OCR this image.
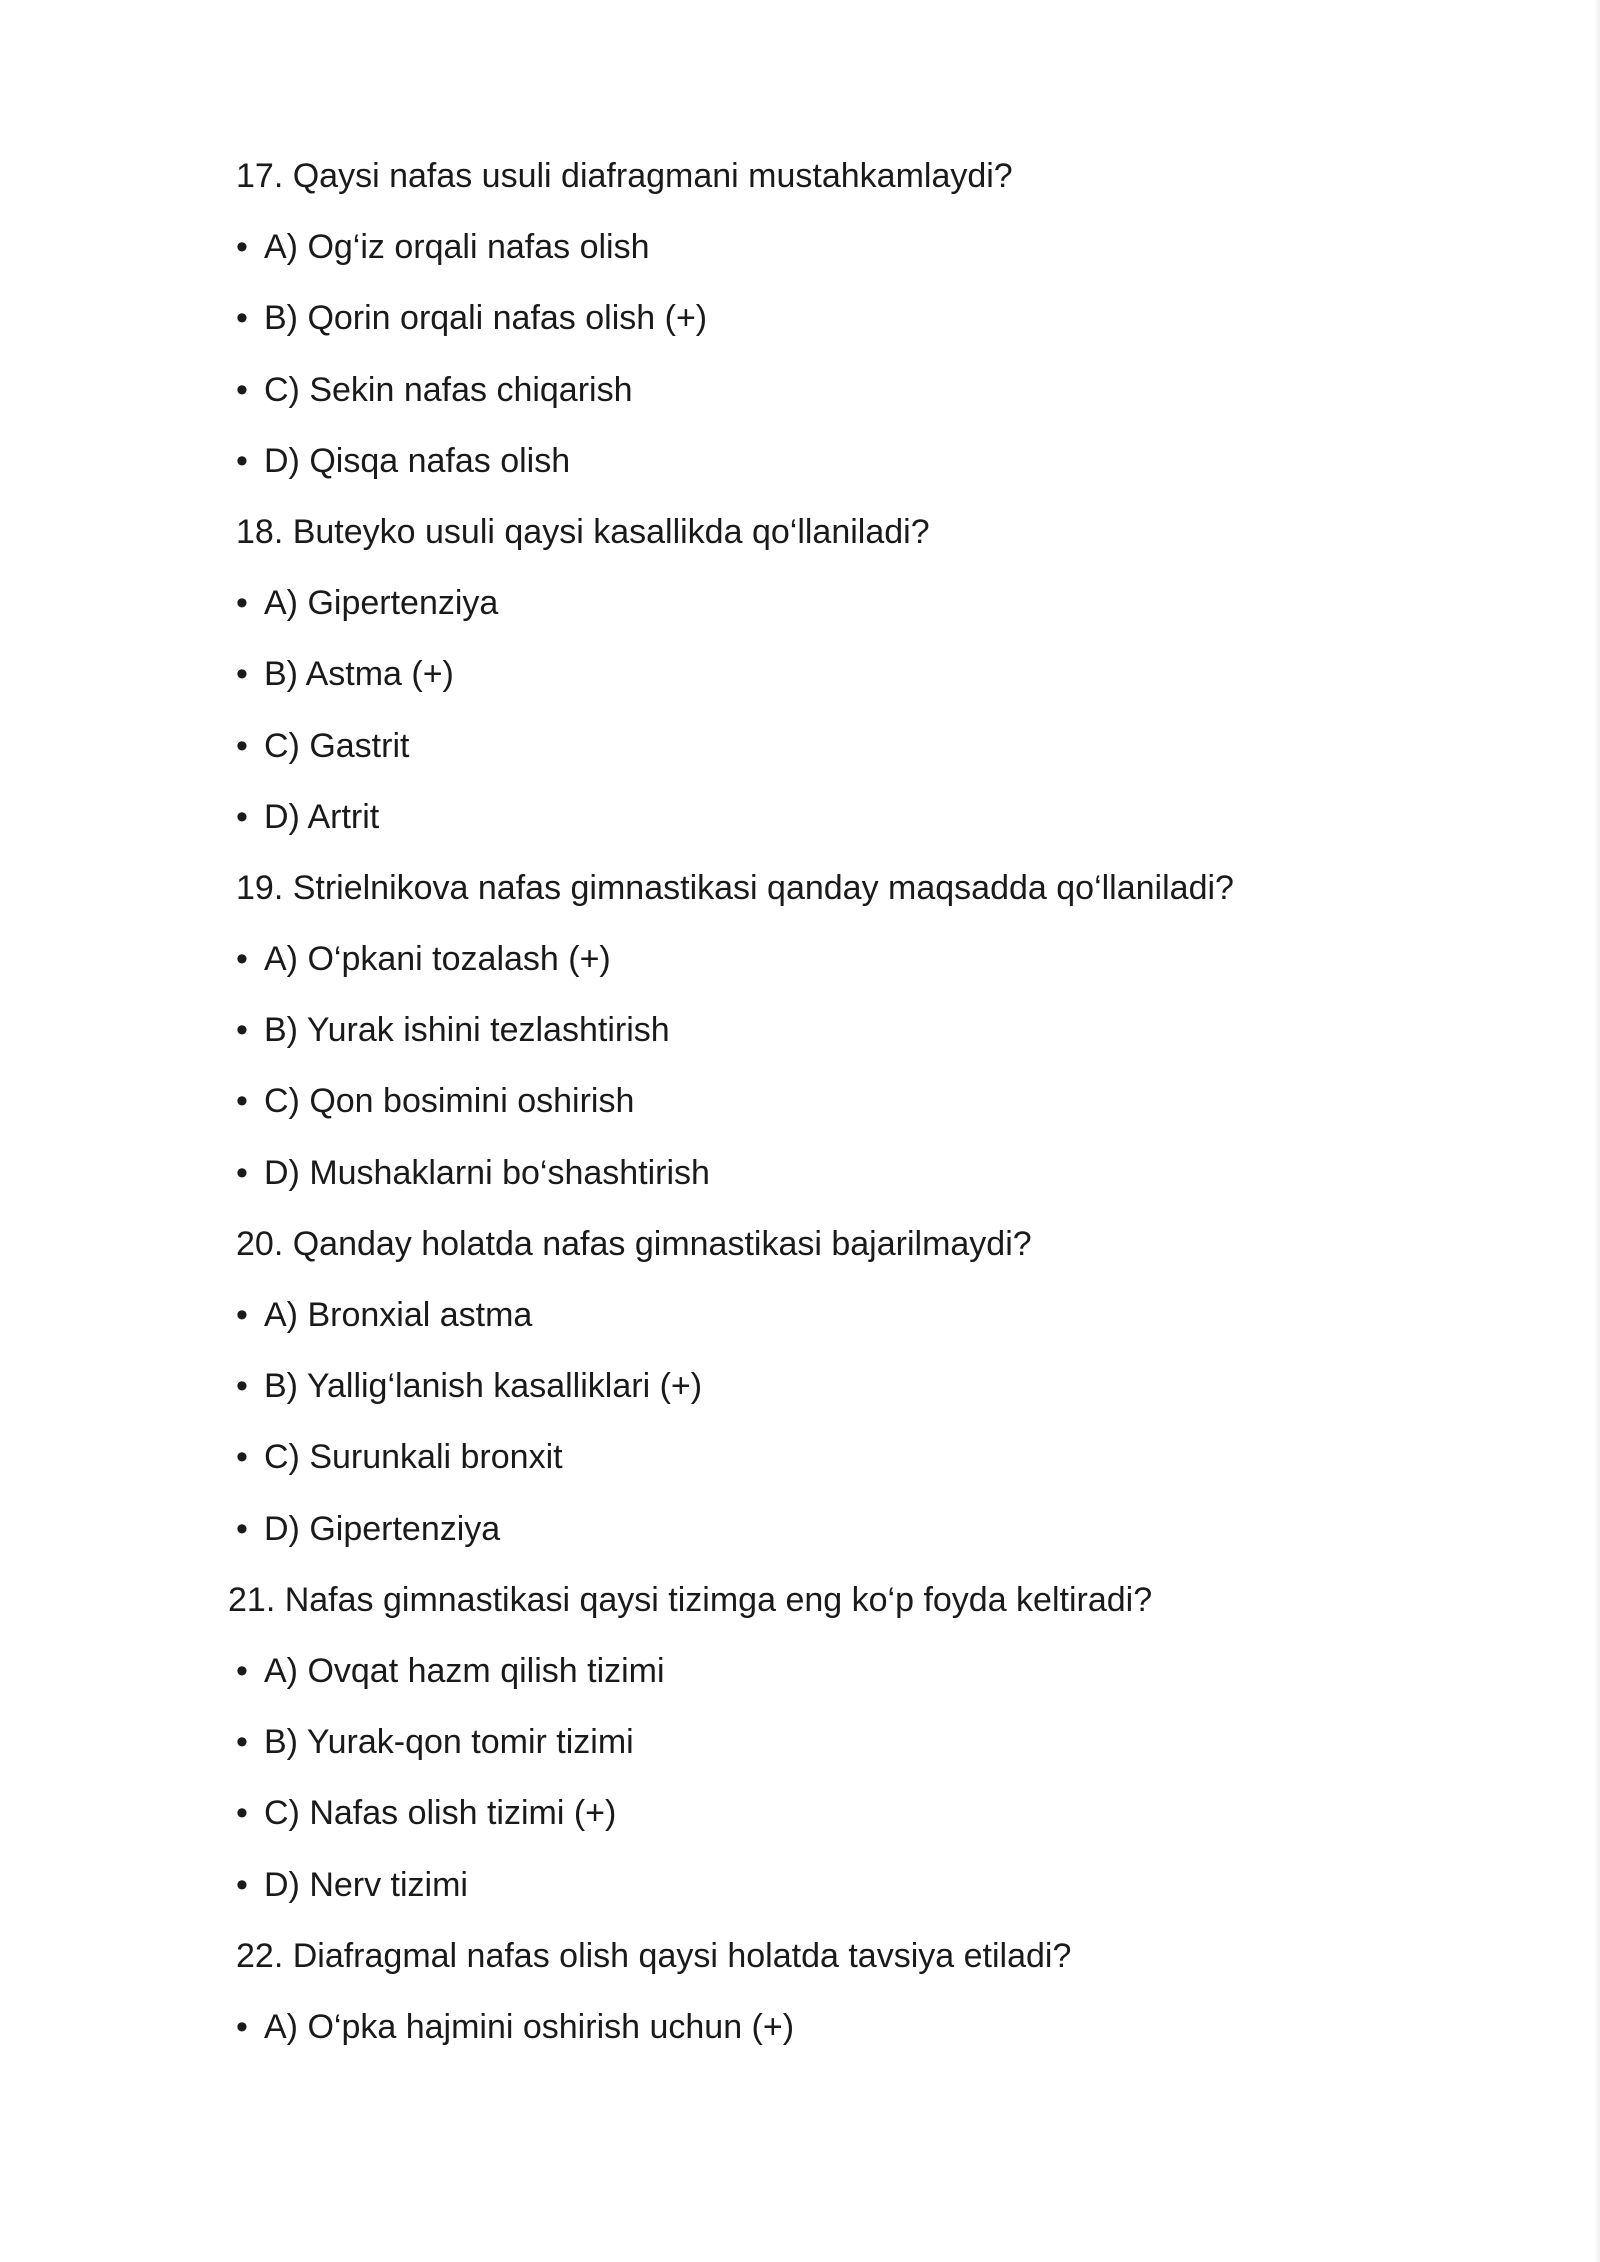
17. Qaysi nafas usuli diafragmani mustahkamlaydi?
• A) Og‘iz orqali nafas olish
• B) Qorin orqali nafas olish (+)
• C) Sekin nafas chiqarish
• D) Qisqa nafas olish
18. Buteyko usuli qaysi kasallikda qo‘llaniladi?
• A) Gipertenziya
• B) Astma (+)
• C) Gastrit
• D) Artrit
19. Strielnikova nafas gimnastikasi qanday maqsadda qo‘llaniladi?
• A) O‘pkani tozalash (+)
• B) Yurak ishini tezlashtirish
• C) Qon bosimini oshirish
• D) Mushaklarni bo‘shashtirish
20. Qanday holatda nafas gimnastikasi bajarilmaydi?
• A) Bronxial astma
• B) Yallig‘lanish kasalliklari (+)
• C) Surunkali bronxit
• D) Gipertenziya
21. Nafas gimnastikasi qaysi tizimga eng ko‘p foyda keltiradi?
• A) Ovqat hazm qilish tizimi
• B) Yurak-qon tomir tizimi
• C) Nafas olish tizimi (+)
• D) Nerv tizimi
22. Diafragmal nafas olish qaysi holatda tavsiya etiladi?
• A) O‘pka hajmini oshirish uchun (+)
